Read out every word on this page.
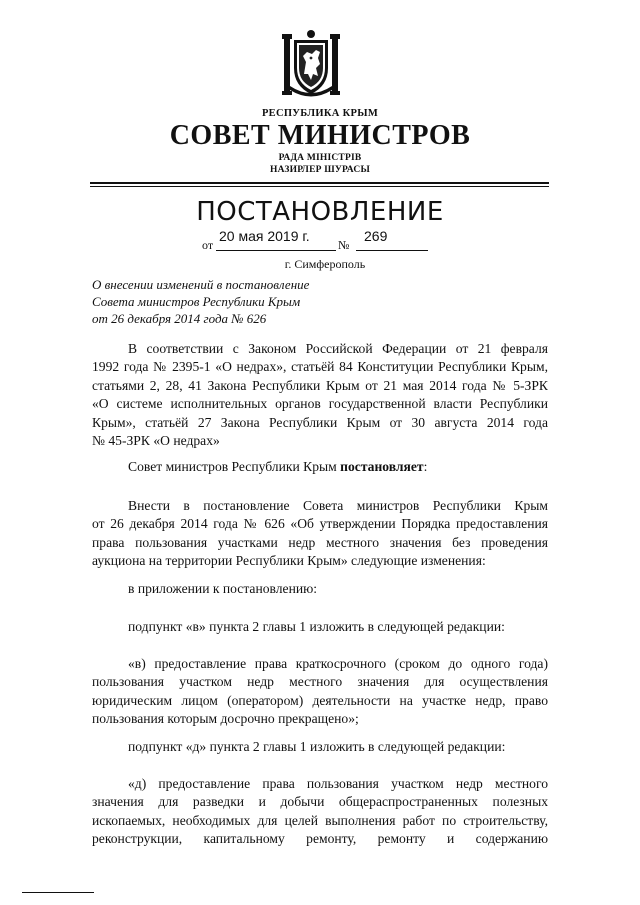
РЕСПУБЛИКА КРЫМ
СОВЕТ МИНИСТРОВ
РАДА МІНІСТРІВ
НАЗИРЛЕР ШУРАСЫ
ПОСТАНОВЛЕНИЕ
от
20 мая 2019 г.
№
269
г. Симферополь
О внесении изменений в постановление
Совета министров Республики Крым
от 26 декабря 2014 года № 626
В соответствии с Законом Российской Федерации от 21 февраля
1992 года № 2395-1 «О недрах», статьёй 84 Конституции Республики Крым,
статьями 2, 28, 41 Закона Республики Крым от 21 мая 2014 года № 5-ЗРК
«О системе исполнительных органов государственной власти Республики
Крым», статьёй 27 Закона Республики Крым от 30 августа 2014 года
№ 45-ЗРК «О недрах»
Совет министров Республики Крым постановляет:
Внести в постановление Совета министров Республики Крым
от 26 декабря 2014 года № 626 «Об утверждении Порядка предоставления
права пользования участками недр местного значения без проведения
аукциона на территории Республики Крым» следующие изменения:
в приложении к постановлению:
подпункт «в» пункта 2 главы 1 изложить в следующей редакции:
«в) предоставление права краткосрочного (сроком до одного года)
пользования участком недр местного значения для осуществления
юридическим лицом (оператором) деятельности на участке недр, право
пользования которым досрочно прекращено»;
подпункт «д» пункта 2 главы 1 изложить в следующей редакции:
«д) предоставление права пользования участком недр местного
значения для разведки и добычи общераспространенных полезных
ископаемых, необходимых для целей выполнения работ по строительству,
реконструкции, капитальному ремонту, ремонту и содержанию
